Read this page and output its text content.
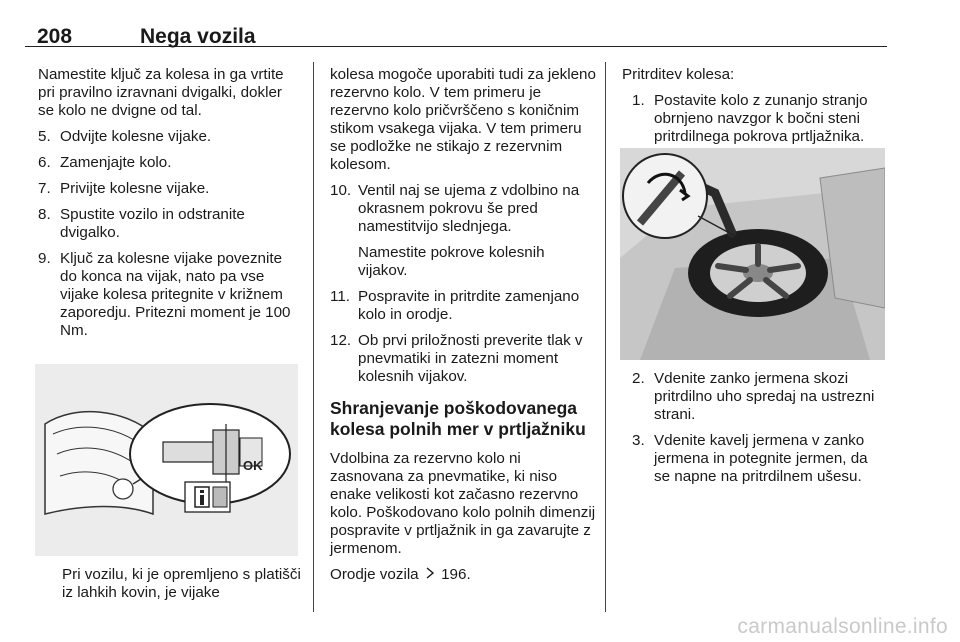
208	Nega vozila

Namestite ključ za kolesa in ga vrtite pri pravilno izravnani dvigalki, dokler se kolo ne dvigne od tal.

5. Odvijte kolesne vijake.
6. Zamenjajte kolo.
7. Privijte kolesne vijake.
8. Spustite vozilo in odstranite dvigalko.
9. Ključ za kolesne vijake poveznite do konca na vijak, nato pa vse vijake kolesa pritegnite v križnem zaporedju. Pritezni moment je 100 Nm.
OK

Pri vozilu, ki je opremljeno s platišči iz lahkih kovin, je vijake

kolesa mogoče uporabiti tudi za jekleno rezervno kolo. V tem primeru je rezervno kolo pričvrščeno s koničnim stikom vsakega vijaka. V tem primeru se podložke ne stikajo z rezervnim kolesom.

10. Ventil naj se ujema z vdolbino na okrasnem pokrovu še pred namestitvijo slednjega.
Namestite pokrove kolesnih vijakov.
11. Pospravite in pritrdite zamenjano kolo in orodje.
12. Ob prvi priložnosti preverite tlak v pnevmatiki in zatezni moment kolesnih vijakov.
Shranjevanje poškodovanega kolesa polnih mer v prtljažniku

Vdolbina za rezervno kolo ni zasnovana za pnevmatike, ki niso enake velikosti kot začasno rezervno kolo. Poškodovano kolo polnih dimenzij pospravite v prtljažnik in ga zavarujte z jermenom.

Orodje vozila 196.

Pritrditev kolesa:

1. Postavite kolo z zunanjo stranjo obrnjeno navzgor k bočni steni pritrdilnega pokrova prtljažnika.
2. Vdenite zanko jermena skozi pritrdilno uho spredaj na ustrezni strani.
3. Vdenite kavelj jermena v zanko jermena in potegnite jermen, da se napne na pritrdilnem ušesu.
carmanualsonline.info
